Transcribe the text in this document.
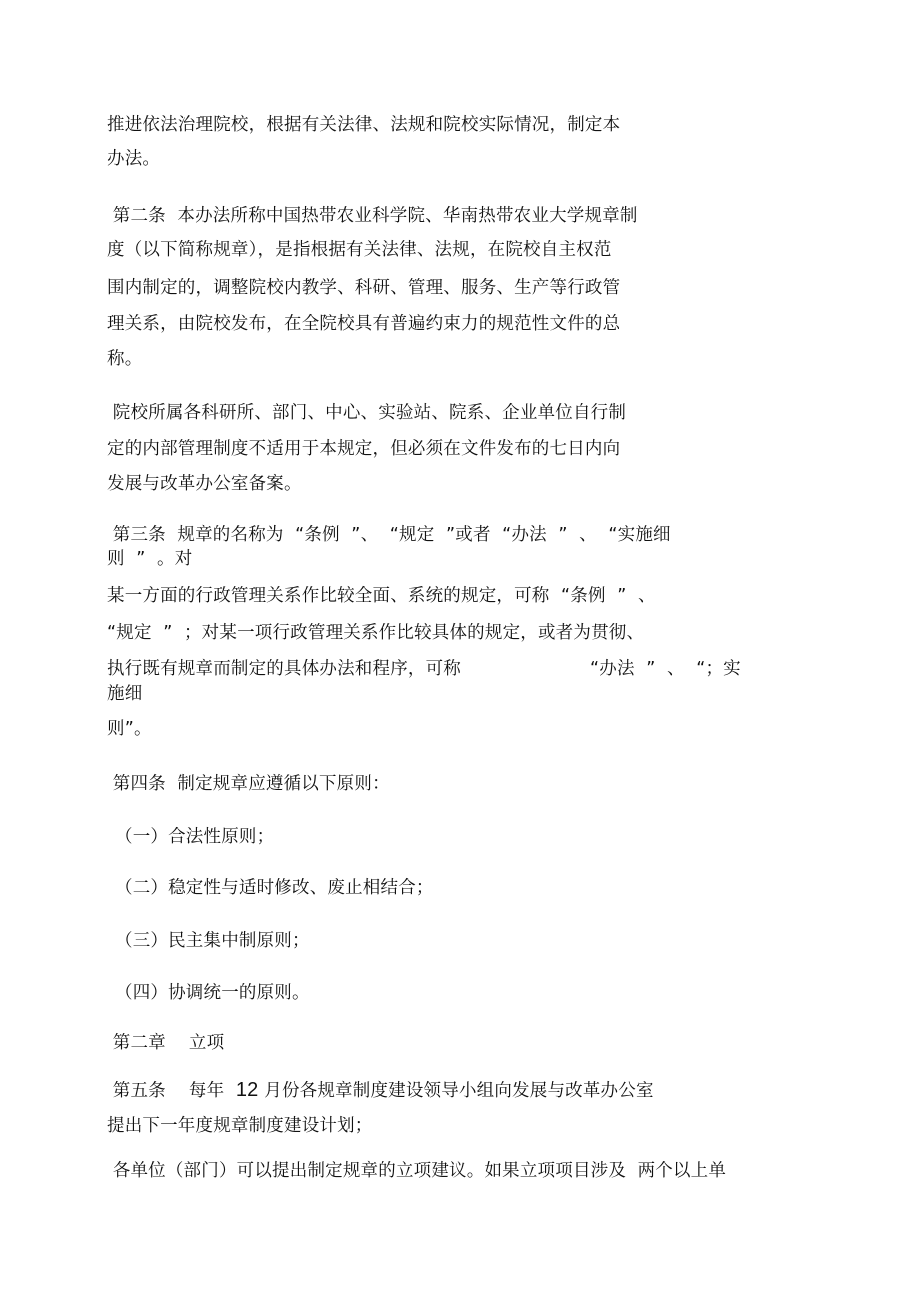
推进依法治理院校，根据有关法律、法规和院校实际情况，制定本
办法。
第二条  本办法所称中国热带农业科学院、华南热带农业大学规章制
度（以下简称规章），是指根据有关法律、法规，在院校自主权范
围内制定的，调整院校内教学、科研、管理、服务、生产等行政管
理关系，由院校发布，在全院校具有普遍约束力的规范性文件的总
称。
院校所属各科研所、部门、中心、实验站、院系、企业单位自行制
定的内部管理制度不适用于本规定，但必须在文件发布的七日内向
发展与改革办公室备案。
第三条  规章的名称为  “条例  ”、  “规定  ”或者  “办法  ”  、  “实施细
则  ”  。对
某一方面的行政管理关系作比较全面、系统的规定，可称  “条例  ”  、
“规定  ”  ；对某一项行政管理关系作比较具体的规定，或者为贯彻、
执行既有规章而制定的具体办法和程序，可称	“办法  ”  、  “；实
施细
则”。
第四条  制定规章应遵循以下原则：
（一）合法性原则；
（二）稳定性与适时修改、废止相结合；
（三）民主集中制原则；
（四）协调统一的原则。
第二章    立项
第五条    每年  12 月份各规章制度建设领导小组向发展与改革办公室
提出下一年度规章制度建设计划；
各单位（部门）可以提出制定规章的立项建议。如果立项项目涉及  两个以上单
